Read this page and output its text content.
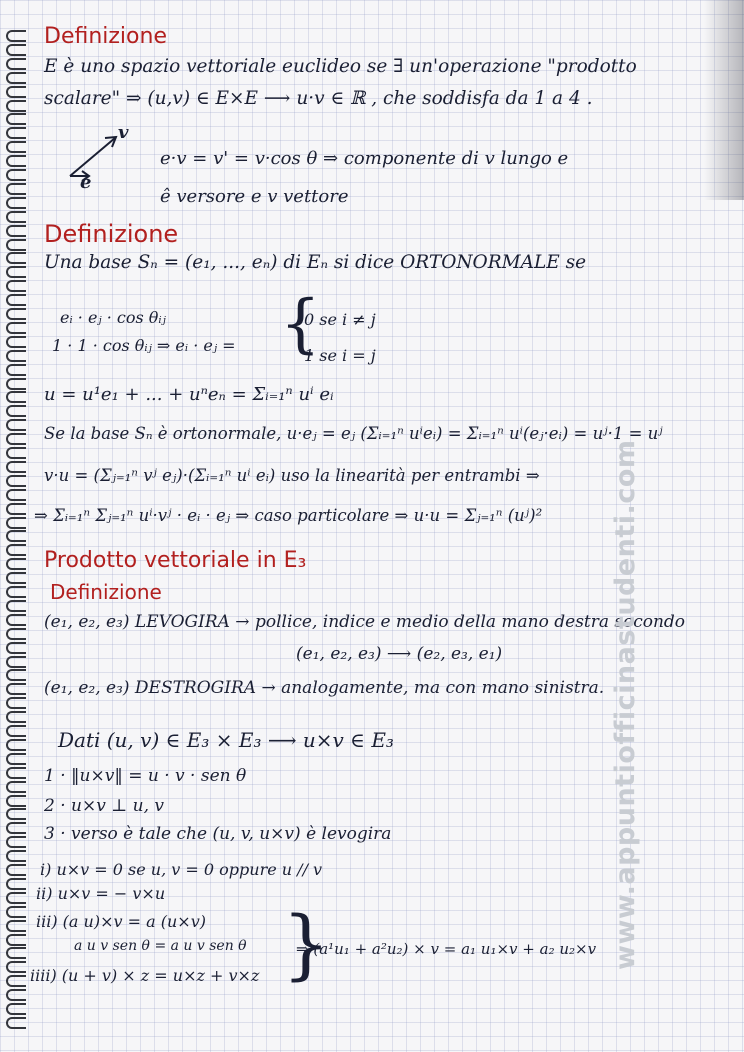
Definizione
E è uno spazio vettoriale euclideo se ∃ un'operazione "prodotto
scalare" ⇒ (u,v) ∈ E×E ⟶ u·v ∈ ℝ , che soddisfa da 1 a 4 .
v
e
e·v = v' = v·cos θ ⇒ componente di v lungo e
ê versore e v vettore
Definizione
Una base Sₙ = (e₁, ..., eₙ) di Eₙ si dice ORTONORMALE se
eᵢ · eⱼ · cos θᵢⱼ
1 · 1 · cos θᵢⱼ ⇒ eᵢ · eⱼ = {
0 se i ≠ j
1 se i = j
u = u¹e₁ + ... + uⁿeₙ = Σᵢ₌₁ⁿ uⁱ eᵢ
Se la base Sₙ è ortonormale, u·eⱼ = eⱼ (Σᵢ₌₁ⁿ uⁱeᵢ) = Σᵢ₌₁ⁿ uⁱ(eⱼ·eᵢ) = uʲ·1 = uʲ
v·u = (Σⱼ₌₁ⁿ vʲ eⱼ)·(Σᵢ₌₁ⁿ uⁱ eᵢ) uso la linearità per entrambi ⇒
⇒ Σᵢ₌₁ⁿ Σⱼ₌₁ⁿ uⁱ·vʲ · eᵢ · eⱼ ⇒ caso particolare ⇒ u·u = Σⱼ₌₁ⁿ (uʲ)²
Prodotto vettoriale in E₃
Definizione
(e₁, e₂, e₃) LEVOGIRA → pollice, indice e medio della mano destra secondo
(e₁, e₂, e₃) ⟶ (e₂, e₃, e₁)
(e₁, e₂, e₃) DESTROGIRA → analogamente, ma con mano sinistra.
Dati (u, v) ∈ E₃ × E₃ ⟶ u×v ∈ E₃
1 · ‖u×v‖ = u · v · sen θ
2 · u×v ⊥ u, v
3 · verso è tale che (u, v, u×v) è levogira
i) u×v = 0 se u, v = 0 oppure u // v
ii) u×v = − v×u
iii) (a u)×v = a (u×v)
a u v sen θ = a u v sen θ }
⇒ (a¹u₁ + a²u₂) × v = a₁ u₁×v + a₂ u₂×v
iiii) (u + v) × z = u×z + v×z
www.appuntiofficinastudenti.com
